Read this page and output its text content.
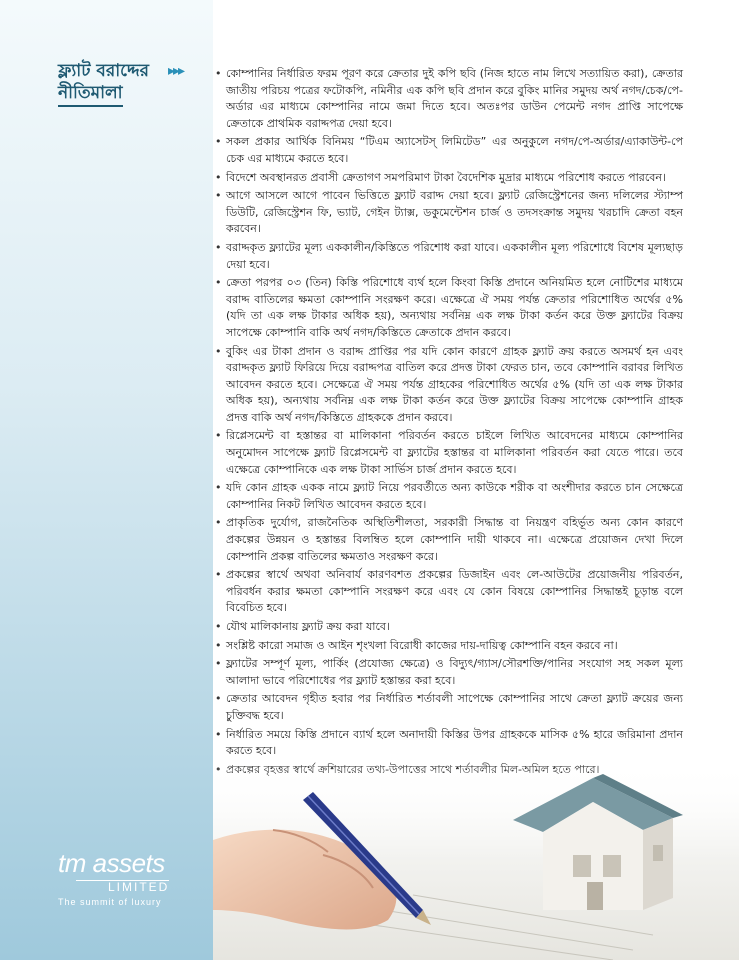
ফ্ল্যাট বরাদ্দের
নীতিমালা
▸▸▸
tm assets
LIMITED
The summit of luxury
• কোম্পানির নির্ধারিত ফরম পূরণ করে ক্রেতার দুই কপি ছবি (নিজ হাতে নাম লিখে সত্যায়িত করা), ক্রেতার জাতীয় পরিচয় পত্রের ফটোকপি, নমিনীর এক কপি ছবি প্রদান করে বুকিং মানির সমুদয় অর্থ নগদ/চেক/পে-অর্ডার এর মাধ্যমে কোম্পানির নামে জমা দিতে হবে। অতঃপর ডাউন পেমেন্ট নগদ প্রাপ্তি সাপেক্ষে ক্রেতাকে প্রাথমিক বরাদ্দপত্র দেয়া হবে।
• সকল প্রকার আর্থিক বিনিময় “টিএম অ্যাসেটস্‌ লিমিটেড” এর অনুকুলে নগদ/পে-অর্ডার/এ্যাকাউন্ট-পে চেক এর মাধ্যমে করতে হবে।
• বিদেশে অবস্থানরত প্রবাসী ক্রেতাগণ সমপরিমাণ টাকা বৈদেশিক মুদ্রার মাধ্যমে পরিশোধ করতে পারবেন।
• আগে আসলে আগে পাবেন ভিত্তিতে ফ্ল্যাট বরাদ্দ দেয়া হবে। ফ্ল্যাট রেজিস্ট্রেশনের জন্য দলিলের স্ট্যাম্প ডিউটি, রেজিস্ট্রেশন ফি, ভ্যাট, গেইন ট্যাক্স, ডকুমেন্টেশন চার্জ ও তদসংক্রান্ত সমুদয় খরচাদি ক্রেতা বহন করবেন।
• বরাদ্দকৃত ফ্ল্যাটের মূল্য এককালীন/কিস্তিতে পরিশোধ করা যাবে। এককালীন মূল্য পরিশোধে বিশেষ মূল্যছাড় দেয়া হবে।
• ক্রেতা পরপর ০৩ (তিন) কিস্তি পরিশোধে ব্যর্থ হলে কিংবা কিস্তি প্রদানে অনিয়মিত হলে নোটিশের মাধ্যমে বরাদ্দ বাতিলের ক্ষমতা কোম্পানি সংরক্ষণ করে। এক্ষেত্রে ঐ সময় পর্যন্ত ক্রেতার পরিশোধিত অর্থের ৫% (যদি তা এক লক্ষ টাকার অধিক হয়), অন্যথায় সর্বনিম্ন এক লক্ষ টাকা কর্তন করে উক্ত ফ্ল্যাটের বিক্রয় সাপেক্ষে কোম্পানি বাকি অর্থ নগদ/কিস্তিতে ক্রেতাকে প্রদান করবে।
• বুকিং এর টাকা প্রদান ও বরাদ্দ প্রাপ্তির পর যদি কোন কারণে গ্রাহক ফ্ল্যাট ক্রয় করতে অসমর্থ হন এবং বরাদ্দকৃত ফ্ল্যাট ফিরিয়ে দিয়ে বরাদ্দপত্র বাতিল করে প্রদত্ত টাকা ফেরত চান, তবে কোম্পানি বরাবর লিখিত আবেদন করতে হবে। সেক্ষেত্রে ঐ সময় পর্যন্ত গ্রাহকের পরিশোধিত অর্থের ৫% (যদি তা এক লক্ষ টাকার অধিক হয়), অন্যথায় সর্বনিম্ন এক লক্ষ টাকা কর্তন করে উক্ত ফ্ল্যাটের বিক্রয় সাপেক্ষে কোম্পানি গ্রাহক প্রদত্ত বাকি অর্থ নগদ/কিস্তিতে গ্রাহককে প্রদান করবে।
• রিপ্লেসমেন্ট বা হস্তান্তর বা মালিকানা পরিবর্তন করতে চাইলে লিখিত আবেদনের মাধ্যমে কোম্পানির অনুমোদন সাপেক্ষে ফ্ল্যাট রিপ্লেসমেন্ট বা ফ্ল্যাটের হস্তান্তর বা মালিকানা পরিবর্তন করা যেতে পারে। তবে এক্ষেত্রে কোম্পানিকে এক লক্ষ টাকা সার্ভিস চার্জ প্রদান করতে হবে।
• যদি কোন গ্রাহক একক নামে ফ্ল্যাট নিয়ে পরবর্তীতে অন্য কাউকে শরীক বা অংশীদার করতে চান সেক্ষেত্রে কোম্পানির নিকট লিখিত আবেদন করতে হবে।
• প্রাকৃতিক দুর্যোগ, রাজনৈতিক অস্থিতিশীলতা, সরকারী সিদ্ধান্ত বা নিয়ন্ত্রণ বহির্ভূত অন্য কোন কারণে প্রকল্পের উন্নয়ন ও হস্তান্তর বিলম্বিত হলে কোম্পানি দায়ী থাকবে না। এক্ষেত্রে প্রয়োজন দেখা দিলে কোম্পানি প্রকল্প বাতিলের ক্ষমতাও সংরক্ষণ করে।
• প্রকল্পের স্বার্থে অথবা অনিবার্য কারণবশত প্রকল্পের ডিজাইন এবং লে-আউটের প্রয়োজনীয় পরিবর্তন, পরিবর্ধন করার ক্ষমতা কোম্পানি সংরক্ষণ করে এবং যে কোন বিষয়ে কোম্পানির সিদ্ধান্তই চূড়ান্ত বলে বিবেচিত হবে।
• যৌথ মালিকানায় ফ্ল্যাট ক্রয় করা যাবে।
• সংশ্লিষ্ট কারো সমাজ ও আইন শৃংখলা বিরোধী কাজের দায়-দায়িত্ব কোম্পানি বহন করবে না।
• ফ্ল্যাটের সম্পূর্ণ মূল্য, পার্কিং (প্রযোজ্য ক্ষেত্রে) ও বিদ্যুৎ/গ্যাস/সৌরশক্তি/পানির সংযোগ সহ সকল মূল্য আলাদা ভাবে পরিশোধের পর ফ্ল্যাট হস্তান্তর করা হবে।
• ক্রেতার আবেদন গৃহীত হবার পর নির্ধারিত শর্তাবলী সাপেক্ষে কোম্পানির সাথে ক্রেতা ফ্ল্যাট ক্রয়ের জন্য চুক্তিবদ্ধ হবে।
• নির্ধারিত সময়ে কিস্তি প্রদানে ব্যার্থ হলে অনাদায়ী কিস্তির উপর গ্রাহককে মাসিক ৫% হারে জরিমানা প্রদান করতে হবে।
